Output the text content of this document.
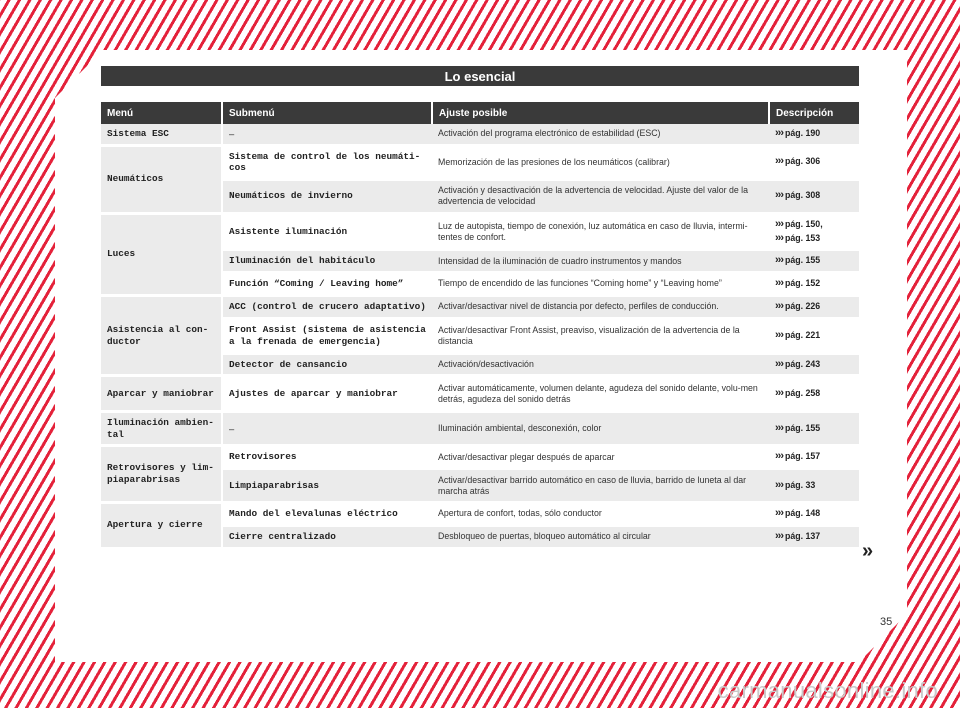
Lo esencial
Menú	Submenú	Ajuste posible	Descripción
Sistema ESC	–	Activación del programa electrónico de estabilidad (ESC)	››› pág. 190
Neumáticos	Sistema de control de los neumáti-cos	Memorización de las presiones de los neumáticos (calibrar)	››› pág. 306
	Neumáticos de invierno	Activación y desactivación de la advertencia de velocidad. Ajuste del valor de la advertencia de velocidad	››› pág. 308
Luces	Asistente iluminación	Luz de autopista, tiempo de conexión, luz automática en caso de lluvia, intermi-tentes de confort.	››› pág. 150,
››› pág. 153
	Iluminación del habitáculo	Intensidad de la iluminación de cuadro instrumentos y mandos	››› pág. 155
	Función “Coming / Leaving home”	Tiempo de encendido de las funciones “Coming home” y “Leaving home”	››› pág. 152
Asistencia al con-ductor	ACC (control de crucero adaptativo)	Activar/desactivar nivel de distancia por defecto, perfiles de conducción.	››› pág. 226
	Front Assist (sistema de asistencia a la frenada de emergencia)	Activar/desactivar Front Assist, preaviso, visualización de la advertencia de la distancia	››› pág. 221
	Detector de cansancio	Activación/desactivación	››› pág. 243
Aparcar y maniobrar	Ajustes de aparcar y maniobrar	Activar automáticamente, volumen delante, agudeza del sonido delante, volu-men detrás, agudeza del sonido detrás	››› pág. 258
Iluminación ambien-tal	–	Iluminación ambiental, desconexión, color	››› pág. 155
Retrovisores y lim-piaparabrisas	Retrovisores	Activar/desactivar plegar después de aparcar	››› pág. 157
	Limpiaparabrisas	Activar/desactivar barrido automático en caso de lluvia, barrido de luneta al dar marcha atrás	››› pág. 33
Apertura y cierre	Mando del elevalunas eléctrico	Apertura de confort, todas, sólo conductor	››› pág. 148
	Cierre centralizado	Desbloqueo de puertas, bloqueo automático al circular	››› pág. 137
»
35
carmanualsonline.info
